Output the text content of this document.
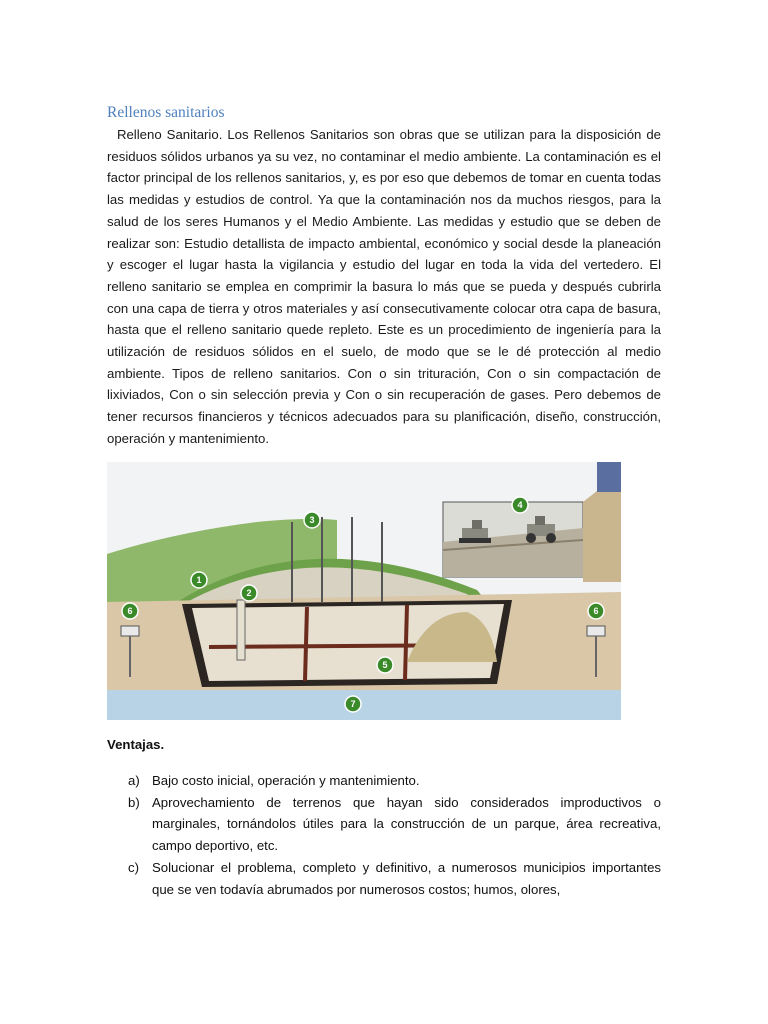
Rellenos sanitarios
Relleno Sanitario. Los Rellenos Sanitarios son obras que se utilizan para la disposición de residuos sólidos urbanos ya su vez, no contaminar el medio ambiente. La contaminación es el factor principal de los rellenos sanitarios, y, es por eso que debemos de tomar en cuenta todas las medidas y estudios de control. Ya que la contaminación nos da muchos riesgos, para la salud de los seres Humanos y el Medio Ambiente. Las medidas y estudio que se deben de realizar son: Estudio detallista de impacto ambiental, económico y social desde la planeación y escoger el lugar hasta la vigilancia y estudio del lugar en toda la vida del vertedero. El relleno sanitario se emplea en comprimir la basura lo más que se pueda y después cubrirla con una capa de tierra y otros materiales y así consecutivamente colocar otra capa de basura, hasta que el relleno sanitario quede repleto. Este es un procedimiento de ingeniería para la utilización de residuos sólidos en el suelo, de modo que se le dé protección al medio ambiente. Tipos de relleno sanitarios. Con o sin trituración, Con o sin compactación de lixiviados, Con o sin selección previa y Con o sin recuperación de gases. Pero debemos de tener recursos financieros y técnicos adecuados para su planificación, diseño, construcción, operación y mantenimiento.
1
2
3
4
5
6	6
7
Ventajas.
a) Bajo costo inicial, operación y mantenimiento.
b) Aprovechamiento de terrenos que hayan sido considerados improductivos o marginales, tornándolos útiles para la construcción de un parque, área recreativa, campo deportivo, etc.
c) Solucionar el problema, completo y definitivo, a numerosos municipios importantes que se ven todavía abrumados por numerosos costos; humos, olores,
